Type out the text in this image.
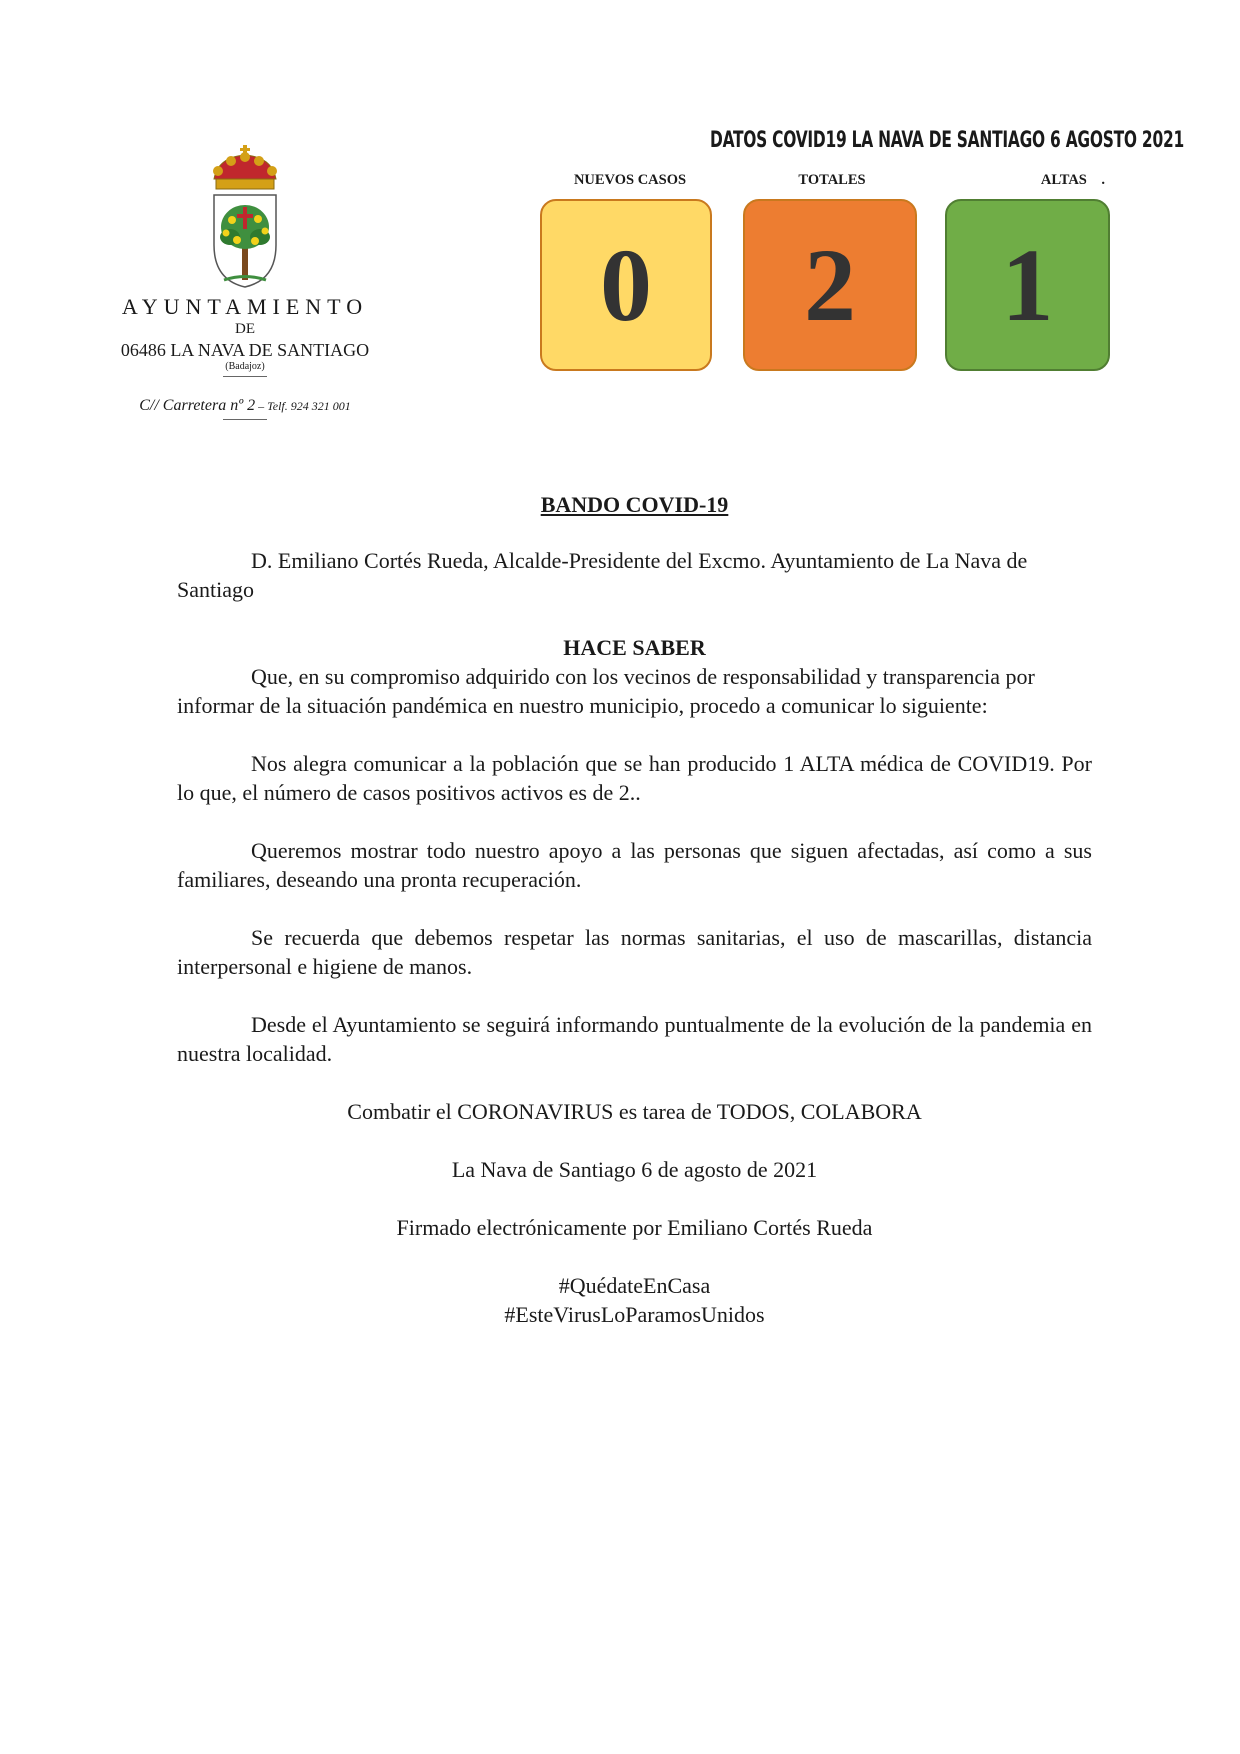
AYUNTAMIENTO
DE
06486 LA NAVA DE SANTIAGO
(Badajoz)
C// Carretera nº 2 – Telf. 924 321 001
DATOS COVID19 LA NAVA DE SANTIAGO 6 AGOSTO 2021
NUEVOS CASOS	TOTALES	ALTAS    .
0 2 1

BANDO COVID-19

D. Emiliano Cortés Rueda, Alcalde-Presidente del Excmo. Ayuntamiento de La Nava de Santiago

HACE SABER

Que, en su compromiso adquirido con los vecinos de responsabilidad y transparencia por informar de la situación pandémica en nuestro municipio, procedo a comunicar lo siguiente:

Nos alegra comunicar a la población que se han producido 1 ALTA médica de COVID19. Por lo que, el número de casos positivos activos es de 2..

Queremos mostrar todo nuestro apoyo a las personas que siguen afectadas, así como a sus familiares, deseando una pronta recuperación.

Se recuerda que debemos respetar las normas sanitarias, el uso de mascarillas, distancia interpersonal e higiene de manos.

Desde el Ayuntamiento se seguirá informando puntualmente de la evolución de la pandemia en nuestra localidad.

Combatir el CORONAVIRUS es tarea de TODOS, COLABORA

La Nava de Santiago 6 de agosto de 2021

Firmado electrónicamente por Emiliano Cortés Rueda

#QuédateEnCasa

#EsteVirusLoParamosUnidos
